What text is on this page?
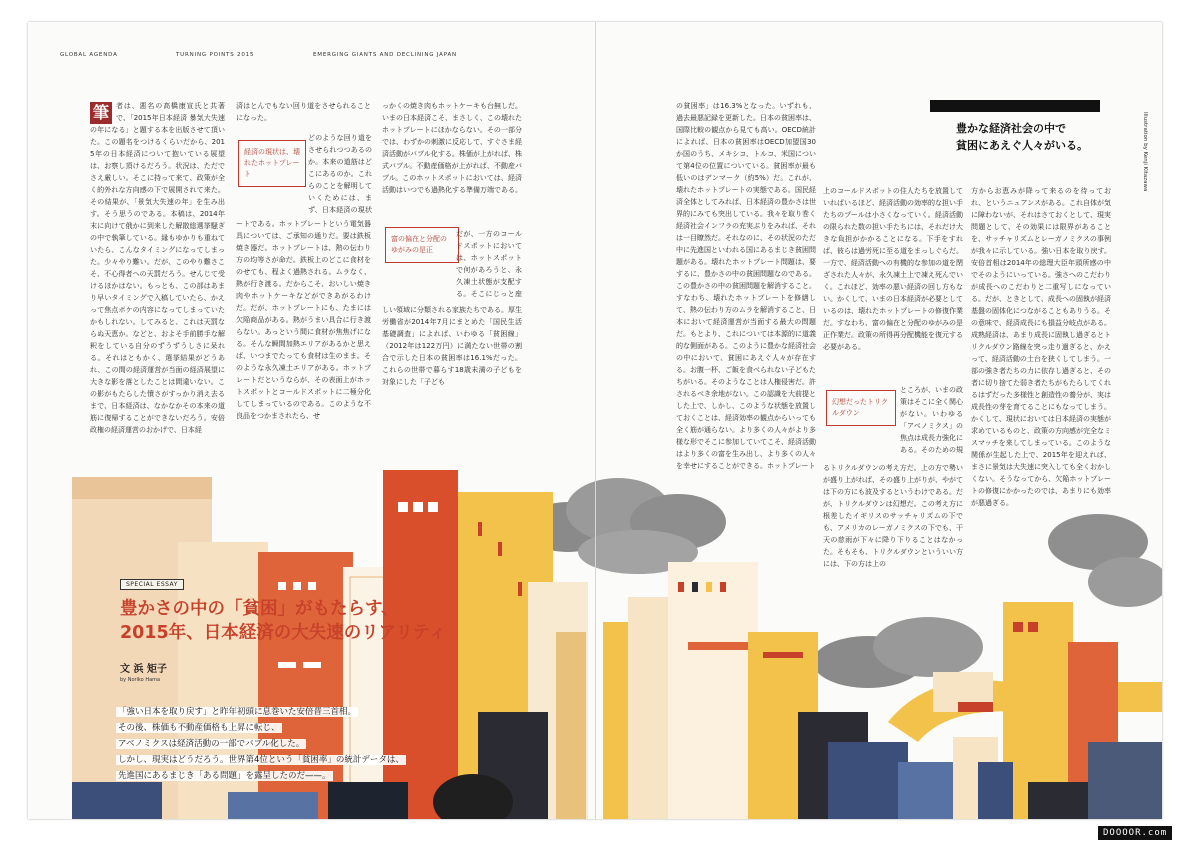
GLOBAL AGENDA	TURNING POINTS 2015	EMERGING GIANTS AND DECLINING JAPAN
Illustration by Kenji Kitazawa
筆	者は、悪名の高橋康宣氏と共著で、「2015年日本経済 暴気大失速の年になる」と題する本を出版させて頂いた。この題名をつけるくらいだから、2015年の日本経済について抱いている展望は、お察し頂けるだろう。状況は、ただでさえ厳しい。そこに持って来て、政策が全く的外れな方向感の下で展開されて来た。その結果が、「景気大失速の年」を生み出す。そう思うのである。本稿は、2014年末に向けて俄かに到来した解散総選挙騒ぎの中で執筆している。縁もゆかりも重ねていたら、こんなタイミングになってしまった。少々やり難い。だが、このやり難さこそ、不心得者への天罰だろう。せんじて受けるほかはない。もっとも、この部はあまり早いタイミングで入稿していたら、かえって焦点ボケの内容になってしまっていたかもしれない。してみると、これは天罰ならぬ天恵か。などと、およそ手前勝手な解釈をしている自分のずうずうしさに呆れる。それはともかく、選挙結果がどうあれ、この間の経済運営が当面の経済展望に大きな影を落としたことは間違いない。この影がもたらした憤さがすっかり消え去るまで、日本経済は、なかなかその本来の道筋に復帰することができないだろう。安倍政権の経済運営のおかげで、日本経
済はとんでもない回り道をさせられることになった。
経済の現状は、壊れたホットプレート
どのような回り道をさせられつつあるのか。本来の道筋はどこにあるのか。これらのことを解明していくためには、まず、日本経済の現状
ートである。ホットプレートという電気器具については、ご承知の通りだ。要は鉄板焼き器だ。ホットプレートは、熱の伝わり方の均等さが命だ。鉄板上のどこに食材をのせても、程よく過熱される。ムラなく、熱が行き渡る。だからこそ、おいしい焼き肉やホットケーキなどができあがるわけだ。だが、ホットプレートにも、たまには欠陥商品がある。熱がうまい具合に行き渡らない。あっという間に食材が焦焦げになる。そんな瞬間加熱エリアがあるかと思えば、いつまでたっても食材は生のまま。そのような永久凍土エリアがある。ホットプレートだというならが、その表面上がホットスポットとコールドスポットに二極分化してしまっているのである。このような不良品をつかまされたら、せ
っかくの焼き肉もホットケーキも台無しだ。いまの日本経済こそ、まさしく、この壊れたホットプレートにほかならない。その一部分では、わずかの刺激に反応して、すぐさま経済活動がバブル化する。株価が上がれば、株式バブル。不動産価格が上がれば、不動産バブル。このホットスポットにおいては、経済活動はいつでも過熱化する準備万端である。
富の偏在と分配のゆがみの是正
だが、一方のコールドスポットにおいては、ホットスポットで何があろうと、永久凍土状態が支配する。そこにじっと座
しい領域に分類される家族たちである。厚生労働省が2014年7月にまとめた「国民生活基礎調査」によれば、いわゆる「貧困線」（2012年は122万円）に満たない世帯の割合で示した日本の貧困率は16.1%だった。これらの世帯で暮らす18歳未満の子どもを対象にした「子ども
SPECIAL ESSAY
豊かさの中の「貧困」がもたらす、
2015年、日本経済の大失速のリアリティ
文 浜 矩子
by Noriko Hama
「強い日本を取り戻す」と昨年初頭に息巻いた安倍晋三首相。
その後、株価も不動産価格も上昇に転じ、
アベノミクスは経済活動の一部でバブル化した。
しかし、現実はどうだろう。世界第4位という「貧困率」の統計データは、
先進国にあるまじき「ある問題」を露呈したのだ——。
の貧困率」は16.3%となった。いずれも、過去最悪記録を更新した。日本の貧困率は、国際比較の観点から見ても高い。OECD統計によれば、日本の貧困率はOECD加盟国30か国のうち、メキシコ、トルコ、米国について第4位の位置についている。貧困率が最も低いのはデンマーク（約5%）だ。これが、壊れたホットプレートの実態である。国民経済全体としてみれば、日本経済の豊かさは世界的にみても突出している。我々を取り巻く経済社会インフラの充実ぶりをみれば、それは一目瞭然だ。それなのに、その状況のただ中に先進国といわれる国にあるまじき貧困問題がある。壊れたホットプレート問題は、要するに、豊かさの中の貧困問題なのである。この豊かさの中の貧困問題を解消すること。すなわち、壊れたホットプレートを修繕して、熱の伝わり方のムラを解消すること、日本において経済運営が当面する最大の問題だ。もとより、これについては本源的に道義的な側面がある。このように豊かな経済社会の中において、貧困にあえぐ人々が存在する。お腹一杯、ご飯を食べられない子どもたちがいる。そのようなことは人権侵害だ。許されるべき余地がない。この認識を大前提とした上で、しかし、このような状態を放置しておくことは、経済効率の観点からいっても全く筋が通らない。より多くの人々がより多様な形でそこに参加していてこそ、経済活動はより多くの富を生み出し、より多くの人々を幸せにすることができる。ホットプレート
豊かな経済社会の中で
貧困にあえぐ人々がいる。
上のコールドスポットの住人たちを放置していればいるほど、経済活動の効率的な担い手たちのプールは小さくなっていく。経済活動の限られた数の担い手たちには、それだけ大きな負担がかかることになる。下手をすれば、彼らは過労死に至る道をまっしぐらだ。一方で、経済活動への有機的な参加の道を閉ざされた人々が、永久凍土上で凍え死んでいく。これほど、効率の悪い経済の回し方もない。かくして、いまの日本経済が必要としているのは、壊れたホットプレートの修復作業だ。すなわち、富の偏在と分配のゆがみの是正作業だ。政策の所得再分配機能を復元する必要がある。
幻想だったトリクルダウン
ところが、いまの政策はそこに全く関心がない。いわゆる「アベノミクス」の焦点は成長力強化にある。そのための規
るトリクルダウンの考え方だ。上の方で勢いが盛り上がれば、その盛り上がりが、やがては下の方にも波及するというわけである。だが、トリクルダウンは幻想だ。この考え方に根差したイギリスのサッチャリズムの下でも、アメリカのレーガノミクスの下でも、干天の慈雨が下々に降り下りることはなかった。そもそも、トリクルダウンといういい方には、下の方は上の
方からお恵みが降って来るのを待っておれ、というニュアンスがある。これ自体が気に障わないが、それはさておくとして、現実問題として、その効果には限界があることを、サッチャリズムとレーガノミクスの事例が我々に示している。強い日本を取り戻す。安倍首相は2014年の総理大臣年頭所感の中でそのようにいっている。強さへのこだわりが成長へのこだわりと二重写しになっている。だが、ときとして、成長への固執が経済基盤の固体化につながることもありうる。その意味で、経済成長にも損益分岐点がある。成熟経済は、あまり成長に固執し過ぎるとトリクルダウン路線を突っ走り過ぎると、かえって、経済活動の土台を狭くしてしまう。一部の強き者たちの力に依存し過ぎると、その者に切り捨てた弱き者たちがもたらしてくれるはずだった多様性と創造性の養分が、実は成長性の芽を育てることにもなってしまう。かくして、現状においては日本経済の実態が求めているものと、政策の方向感が完全なミスマッチを来してしまっている。このような関係が生起した上で、2015年を迎えれば、まさに景気は大失速に突入しても全くおかしくない。そうなってから、欠陥ホットプレートの修復にかかったのでは、あまりにも効率が悪過ぎる。
DOOOOR.com
